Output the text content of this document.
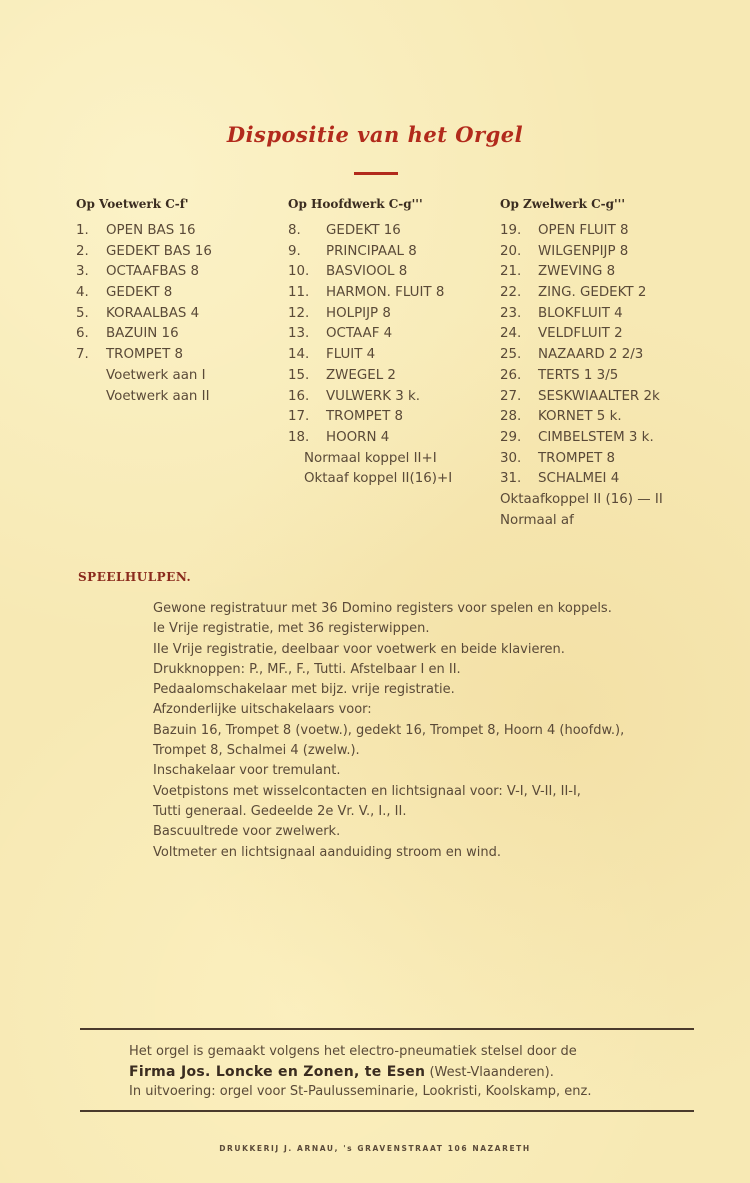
Dispositie van het Orgel
Op Voetwerk C-f'
1. OPEN BAS 16
2. GEDEKT BAS 16
3. OCTAAFBAS 8
4. GEDEKT 8
5. KORAALBAS 4
6. BAZUIN 16
7. TROMPET 8
Voetwerk aan I
Voetwerk aan II
Op Hoofdwerk C-g'''
8. GEDEKT 16
9. PRINCIPAAL 8
10. BASVIOOL 8
11. HARMON. FLUIT 8
12. HOLPIJP 8
13. OCTAAF 4
14. FLUIT 4
15. ZWEGEL 2
16. VULWERK 3 k.
17. TROMPET 8
18. HOORN 4
Normaal koppel II+I
Oktaaf koppel II(16)+I
Op Zwelwerk C-g'''
19. OPEN FLUIT 8
20. WILGENPIJP 8
21. ZWEVING 8
22. ZING. GEDEKT 2
23. BLOKFLUIT 4
24. VELDFLUIT 2
25. NAZAARD 2 2/3
26. TERTS 1 3/5
27. SESKWIAALTER 2k
28. KORNET 5 k.
29. CIMBELSTEM 3 k.
30. TROMPET 8
31. SCHALMEI 4
Oktaafkoppel II (16) — II
Normaal af
SPEELHULPEN.
Gewone registratuur met 36 Domino registers voor spelen en koppels.
Ie Vrije registratie, met 36 registerwippen.
IIe Vrije registratie, deelbaar voor voetwerk en beide klavieren.
Drukknoppen: P., MF., F., Tutti. Afstelbaar I en II.
Pedaalomschakelaar met bijz. vrije registratie.
Afzonderlijke uitschakelaars voor:
Bazuin 16, Trompet 8 (voetw.), gedekt 16, Trompet 8, Hoorn 4 (hoofdw.),
Trompet 8, Schalmei 4 (zwelw.).
Inschakelaar voor tremulant.
Voetpistons met wisselcontacten en lichtsignaal voor: V-I, V-II, II-I,
Tutti generaal. Gedeelde 2e Vr. V., I., II.
Bascuultrede voor zwelwerk.
Voltmeter en lichtsignaal aanduiding stroom en wind.
Het orgel is gemaakt volgens het electro-pneumatiek stelsel door de
Firma Jos. Loncke en Zonen, te Esen (West-Vlaanderen).
In uitvoering: orgel voor St-Paulusseminarie, Lookristi, Koolskamp, enz.
DRUKKERIJ J. ARNAU, 's GRAVENSTRAAT 106 NAZARETH
